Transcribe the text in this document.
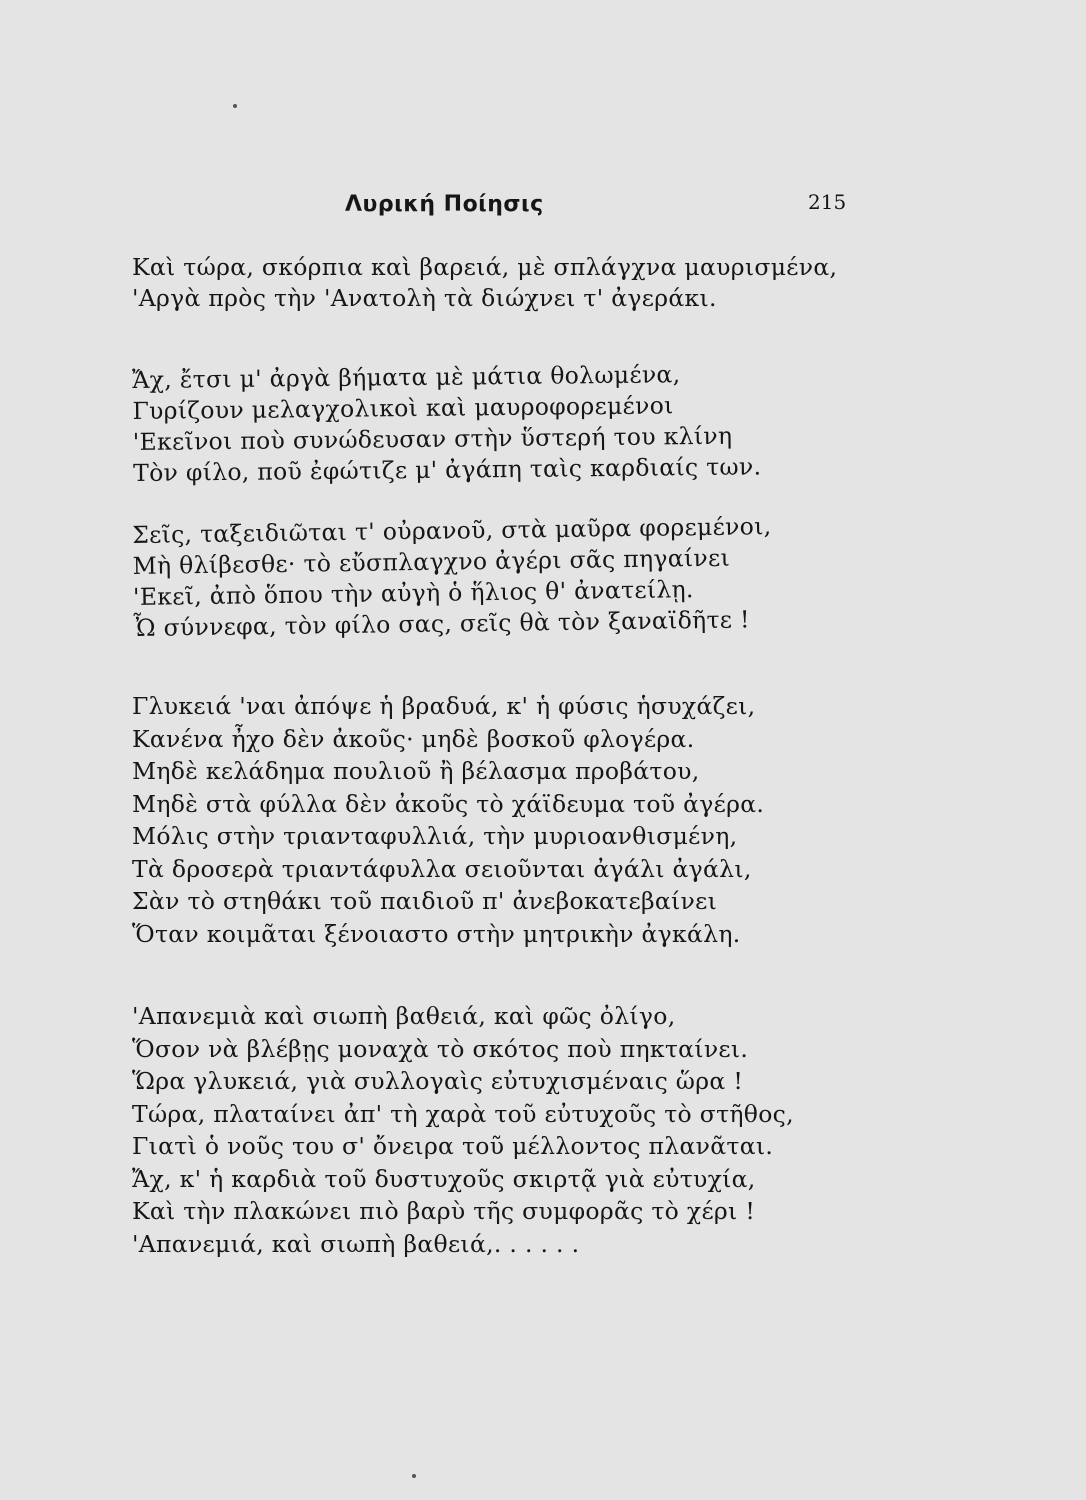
Λυρική Ποίησις	215
Καὶ τώρα, σκόρπια καὶ βαρειά, μὲ σπλάγχνα μαυρισμένα,
'Αργὰ πρὸς τὴν 'Ανατολὴ τὰ διώχνει τ' ἀγεράκι.
Ἄχ, ἔτσι μ' ἀργὰ βήματα μὲ μάτια θολωμένα,
Γυρίζουν μελαγχολικοὶ καὶ μαυροφορεμένοι
'Εκεῖνοι ποὺ συνώδευσαν στὴν ὕστερή του κλίνη
Τὸν φίλο, ποῦ ἐφώτιζε μ' ἀγάπη ταὶς καρδιαίς των.
Σεῖς, ταξειδιῶται τ' οὐρανοῦ, στὰ μαῦρα φορεμένοι,
Μὴ θλίβεσθε· τὸ εὔσπλαγχνο ἀγέρι σᾶς πηγαίνει
'Εκεῖ, ἀπὸ ὅπου τὴν αὐγὴ ὁ ἥλιος θ' ἀνατείλῃ.
Ὦ σύννεφα, τὸν φίλο σας, σεῖς θὰ τὸν ξαναϊδῆτε !
Γλυκειά 'ναι ἀπόψε ἡ βραδυά, κ' ἡ φύσις ἡσυχάζει,
Κανένα ἦχο δὲν ἀκοῦς· μηδὲ βοσκοῦ φλογέρα.
Μηδὲ κελάδημα πουλιοῦ ἢ βέλασμα προβάτου,
Μηδὲ στὰ φύλλα δὲν ἀκοῦς τὸ χάϊδευμα τοῦ ἀγέρα.
Μόλις στὴν τριανταφυλλιά, τὴν μυριοανθισμένη,
Τὰ δροσερὰ τριαντάφυλλα σειοῦνται ἀγάλι ἀγάλι,
Σὰν τὸ στηθάκι τοῦ παιδιοῦ π' ἀνεβοκατεβαίνει
Ὅταν κοιμᾶται ξένοιαστο στὴν μητρικὴν ἀγκάλη.
'Απανεμιὰ καὶ σιωπὴ βαθειά, καὶ φῶς ὀλίγο,
Ὅσον νὰ βλέβῃς μοναχὰ τὸ σκότος ποὺ πηκταίνει.
Ὥρα γλυκειά, γιὰ συλλογαὶς εὐτυχισμέναις ὥρα !
Τώρα, πλαταίνει ἀπ' τὴ χαρὰ τοῦ εὐτυχοῦς τὸ στῆθος,
Γιατὶ ὁ νοῦς του σ' ὄνειρα τοῦ μέλλοντος πλανᾶται.
Ἄχ, κ' ἡ καρδιὰ τοῦ δυστυχοῦς σκιρτᾷ γιὰ εὐτυχία,
Καὶ τὴν πλακώνει πιὸ βαρὺ τῆς συμφορᾶς τὸ χέρι !
'Απανεμιά, καὶ σιωπὴ βαθειά,. . . . . .
